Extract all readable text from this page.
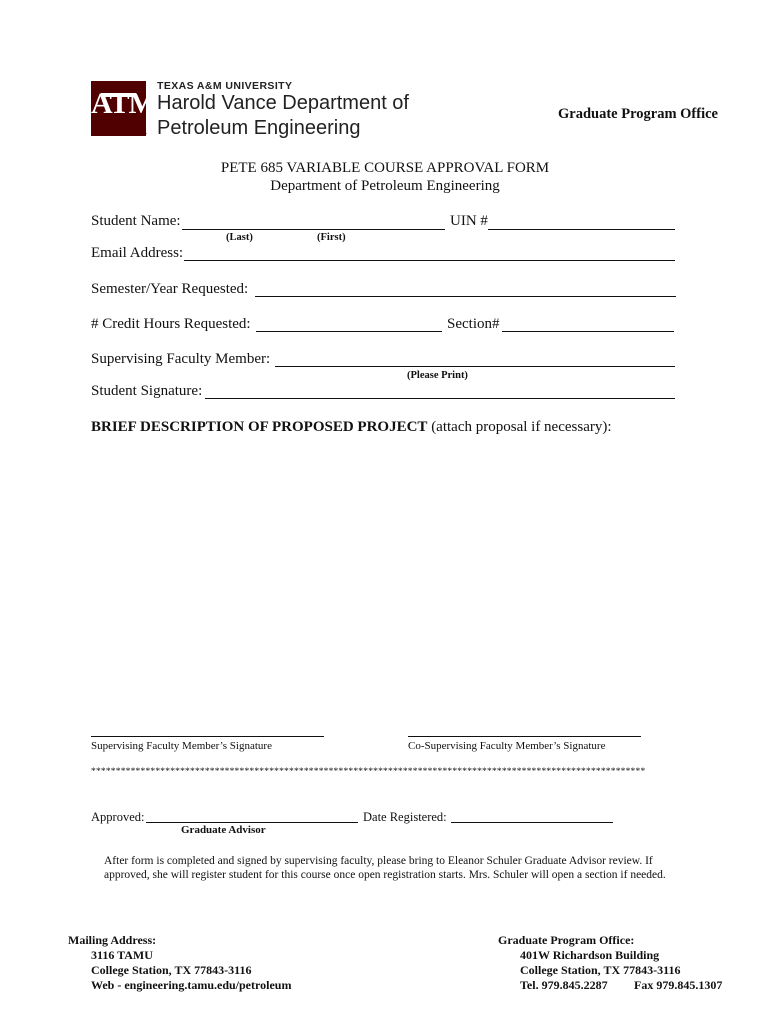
ATM
.
TEXAS A&M UNIVERSITY
Harold Vance Department of
Petroleum Engineering
Graduate Program Office
PETE 685 VARIABLE COURSE APPROVAL FORM
Department of Petroleum Engineering
Student Name:	UIN #
(Last)	(First)
Email Address:
Semester/Year Requested:
# Credit Hours Requested:	Section#
Supervising Faculty Member:
(Please Print)
Student Signature:
BRIEF DESCRIPTION OF PROPOSED PROJECT (attach proposal if necessary):
Supervising Faculty Member’s Signature	Co-Supervising Faculty Member’s Signature
****************************************************************************************************************
Approved:	Date Registered:
Graduate Advisor
After form is completed and signed by supervising faculty, please bring to Eleanor Schuler Graduate Advisor review. If
approved, she will register student for this course once open registration starts. Mrs. Schuler will open a section if needed.
Mailing Address:
3116 TAMU
College Station, TX 77843-3116
Web - engineering.tamu.edu/petroleum
Graduate Program Office:
401W Richardson Building
College Station, TX 77843-3116
Tel. 979.845.2287 Fax 979.845.1307
